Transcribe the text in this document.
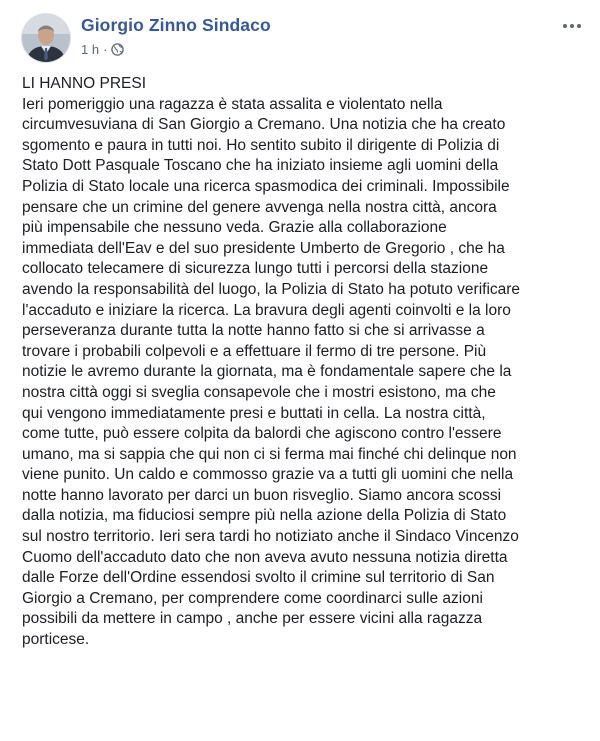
Giorgio Zinno Sindaco
1 h ·
LI HANNO PRESI
Ieri pomeriggio una ragazza è stata assalita e violentato nella
circumvesuviana di San Giorgio a Cremano. Una notizia che ha creato
sgomento e paura in tutti noi. Ho sentito subito il dirigente di Polizia di
Stato Dott Pasquale Toscano che ha iniziato insieme agli uomini della
Polizia di Stato locale una ricerca spasmodica dei criminali. Impossibile
pensare che un crimine del genere avvenga nella nostra città, ancora
più impensabile che nessuno veda. Grazie alla collaborazione
immediata dell'Eav e del suo presidente Umberto de Gregorio , che ha
collocato telecamere di sicurezza lungo tutti i percorsi della stazione
avendo la responsabilità del luogo, la Polizia di Stato ha potuto verificare
l'accaduto e iniziare la ricerca. La bravura degli agenti coinvolti e la loro
perseveranza durante tutta la notte hanno fatto si che si arrivasse a
trovare i probabili colpevoli e a effettuare il fermo di tre persone. Più
notizie le avremo durante la giornata, ma è fondamentale sapere che la
nostra città oggi si sveglia consapevole che i mostri esistono, ma che
qui vengono immediatamente presi e buttati in cella. La nostra città,
come tutte, può essere colpita da balordi che agiscono contro l'essere
umano, ma si sappia che qui non ci si ferma mai finché chi delinque non
viene punito. Un caldo e commosso grazie va a tutti gli uomini che nella
notte hanno lavorato per darci un buon risveglio. Siamo ancora scossi
dalla notizia, ma fiduciosi sempre più nella azione della Polizia di Stato
sul nostro territorio. Ieri sera tardi ho notiziato anche il Sindaco Vincenzo
Cuomo dell'accaduto dato che non aveva avuto nessuna notizia diretta
dalle Forze dell'Ordine essendosi svolto il crimine sul territorio di San
Giorgio a Cremano, per comprendere come coordinarci sulle azioni
possibili da mettere in campo , anche per essere vicini alla ragazza
porticese.
